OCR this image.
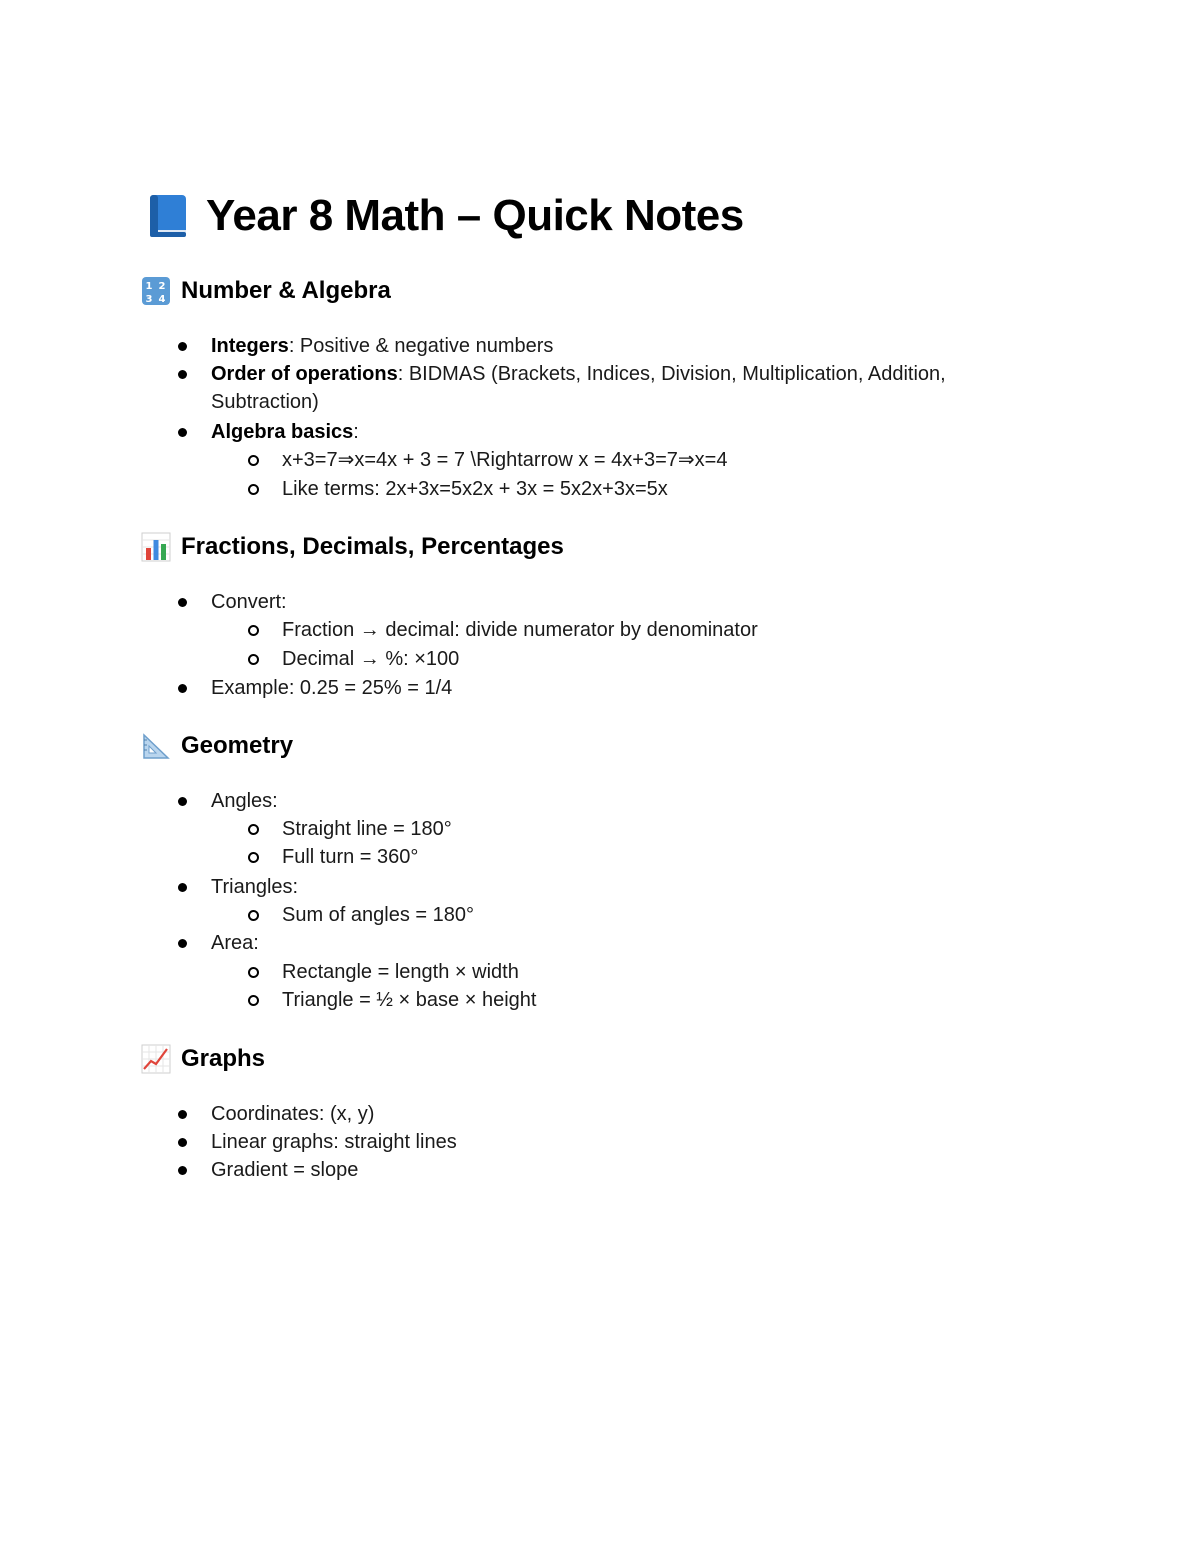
Year 8 Math – Quick Notes
1 2
3 4 Number & Algebra
Integers: Positive & negative numbers
Order of operations: BIDMAS (Brackets, Indices, Division, Multiplication, Addition,
Subtraction)
Algebra basics:
x+3=7⇒x=4x + 3 = 7 \Rightarrow x = 4x+3=7⇒x=4
Like terms: 2x+3x=5x2x + 3x = 5x2x+3x=5x
Fractions, Decimals, Percentages
Convert:
Fraction → decimal: divide numerator by denominator
Decimal → %: ×100
Example: 0.25 = 25% = 1/4
Geometry
Angles:
Straight line = 180°
Full turn = 360°
Triangles:
Sum of angles = 180°
Area:
Rectangle = length × width
Triangle = ½ × base × height
Graphs
Coordinates: (x, y)
Linear graphs: straight lines
Gradient = slope
